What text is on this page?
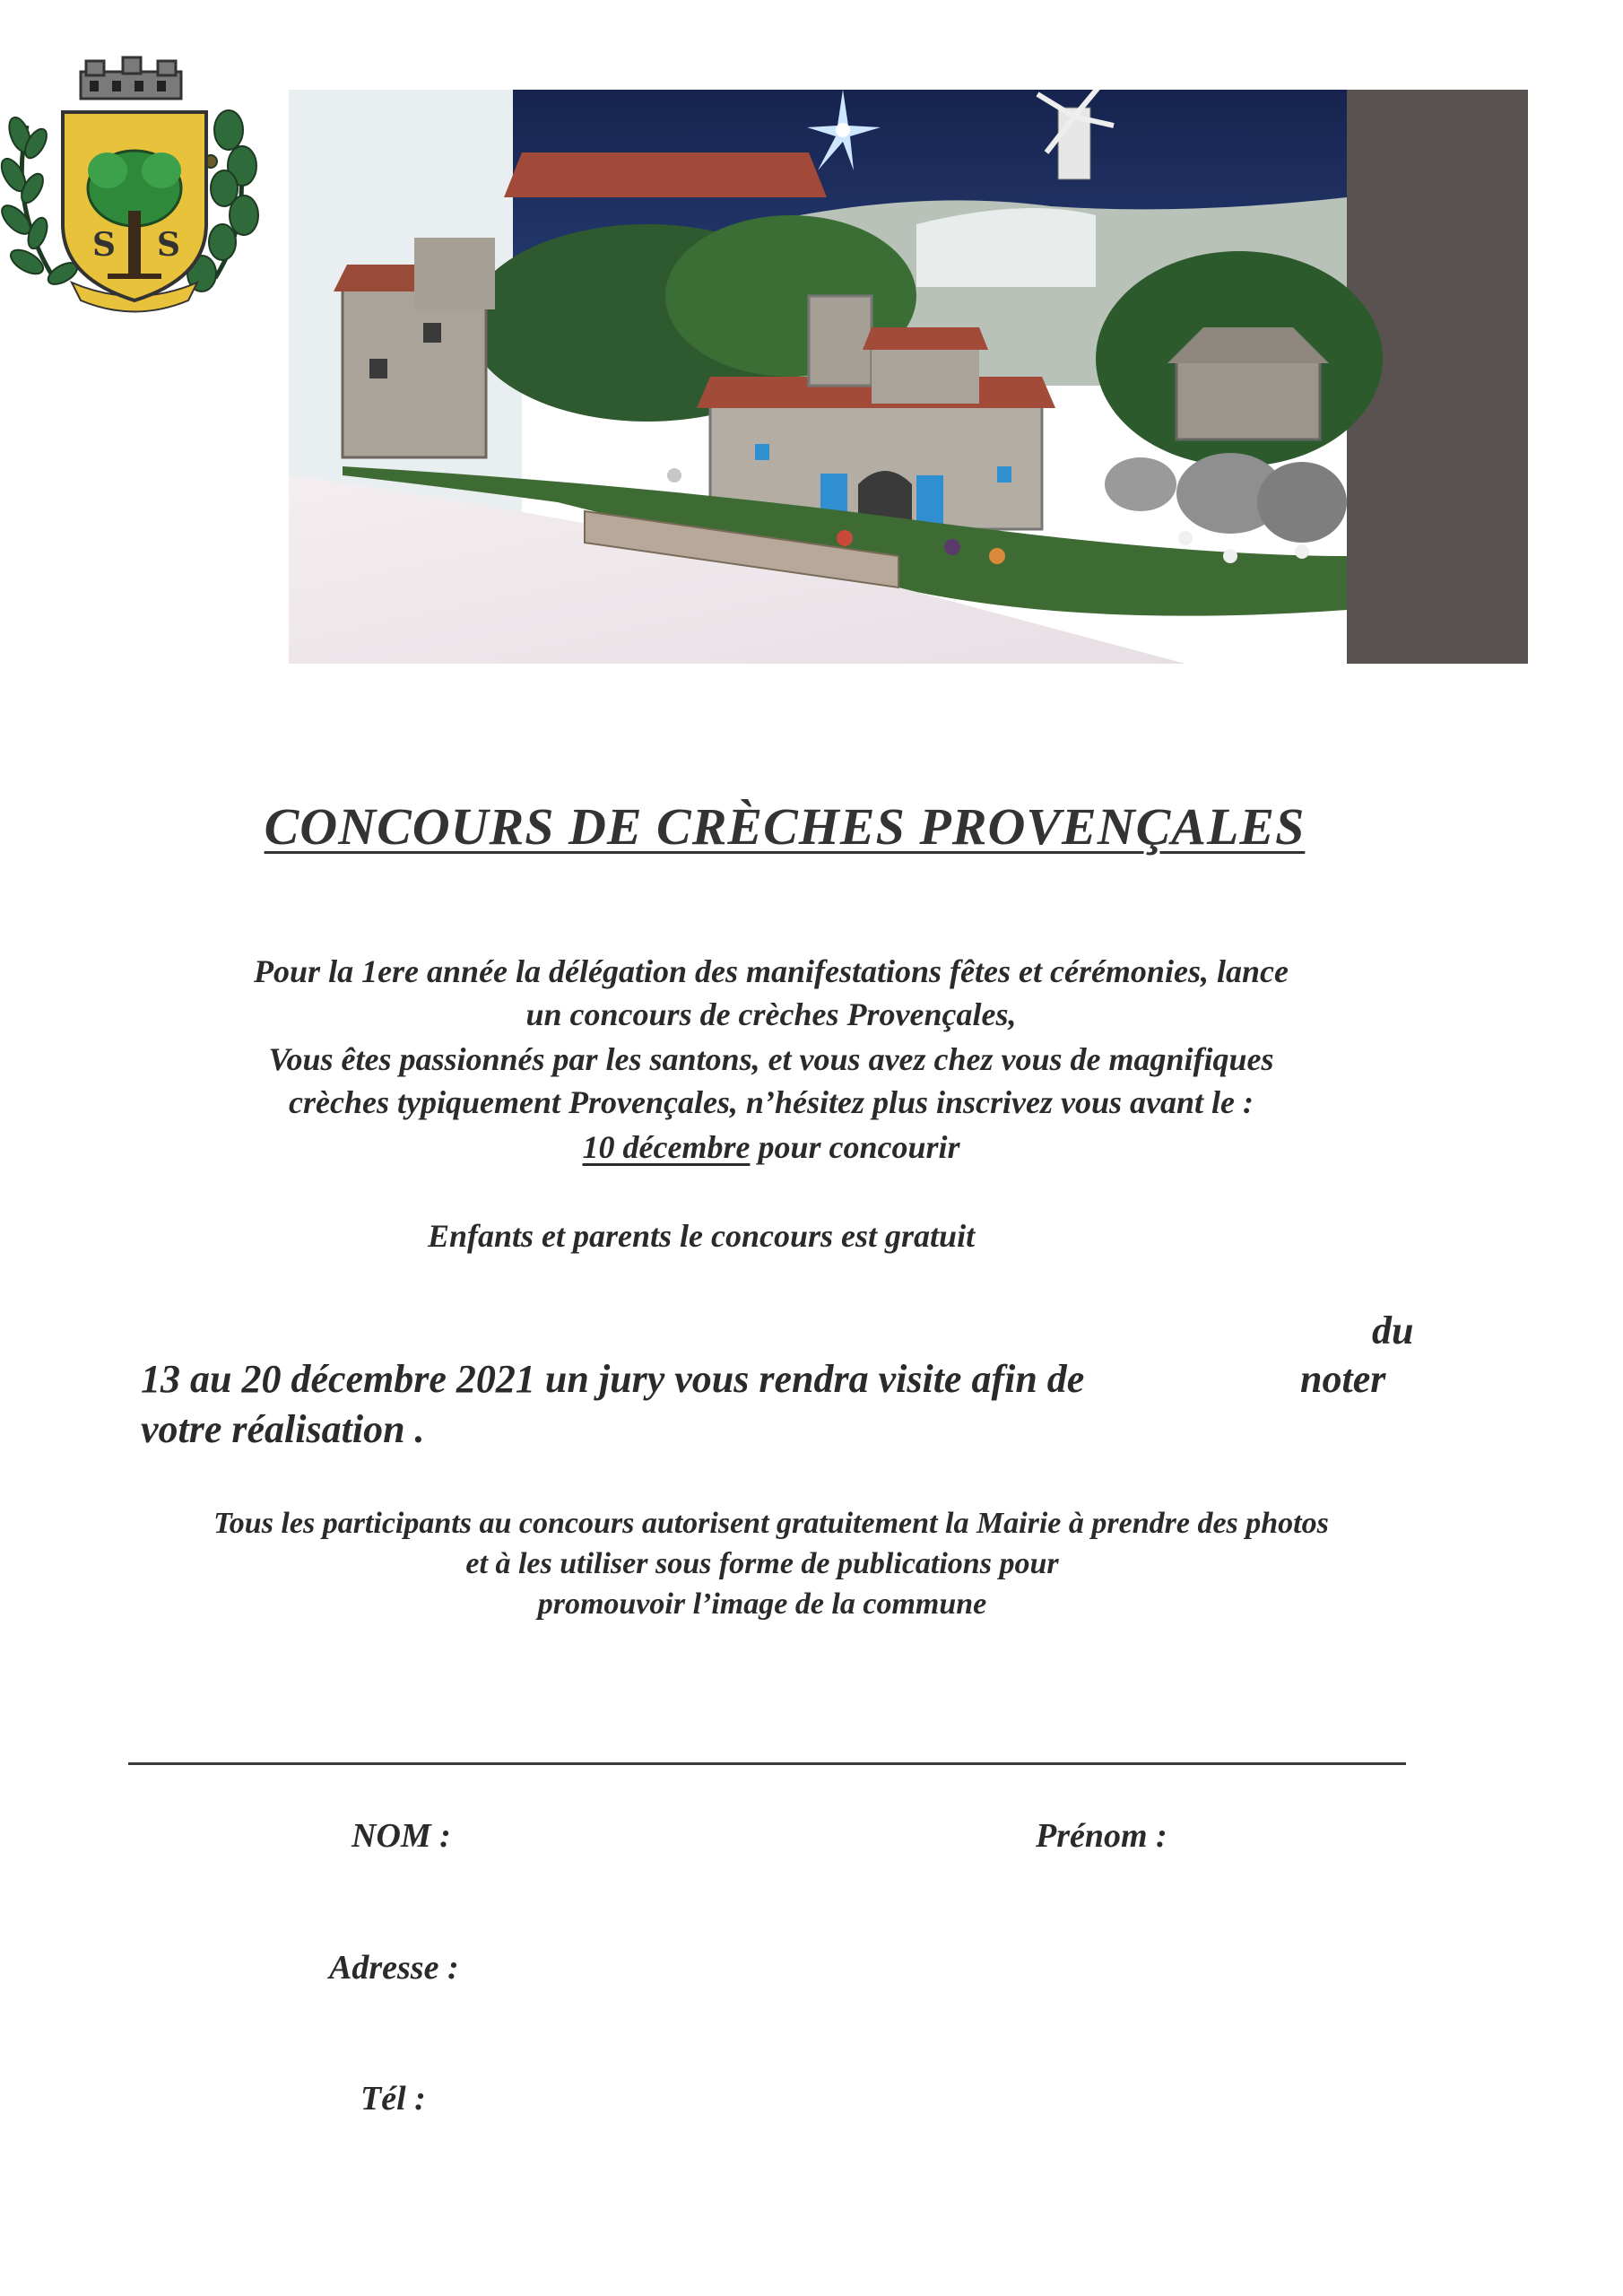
S S
CONCOURS DE CRÈCHES PROVENÇALES
Pour la 1ere année la délégation des manifestations fêtes et cérémonies, lance
un concours de crèches Provençales,
Vous êtes passionnés par les santons, et vous avez chez vous de magnifiques
crèches typiquement Provençales, n’hésitez plus inscrivez vous avant le :
10 décembre pour concourir
Enfants et parents le concours est gratuit
du
13 au 20 décembre 2021 un jury vous rendra visite afin de	noter
votre réalisation .
Tous les participants au concours autorisent gratuitement la Mairie à prendre des photos
et à les utiliser sous forme de publications pour
promouvoir l’image de la commune
NOM :	Prénom :
Adresse :
Tél :
